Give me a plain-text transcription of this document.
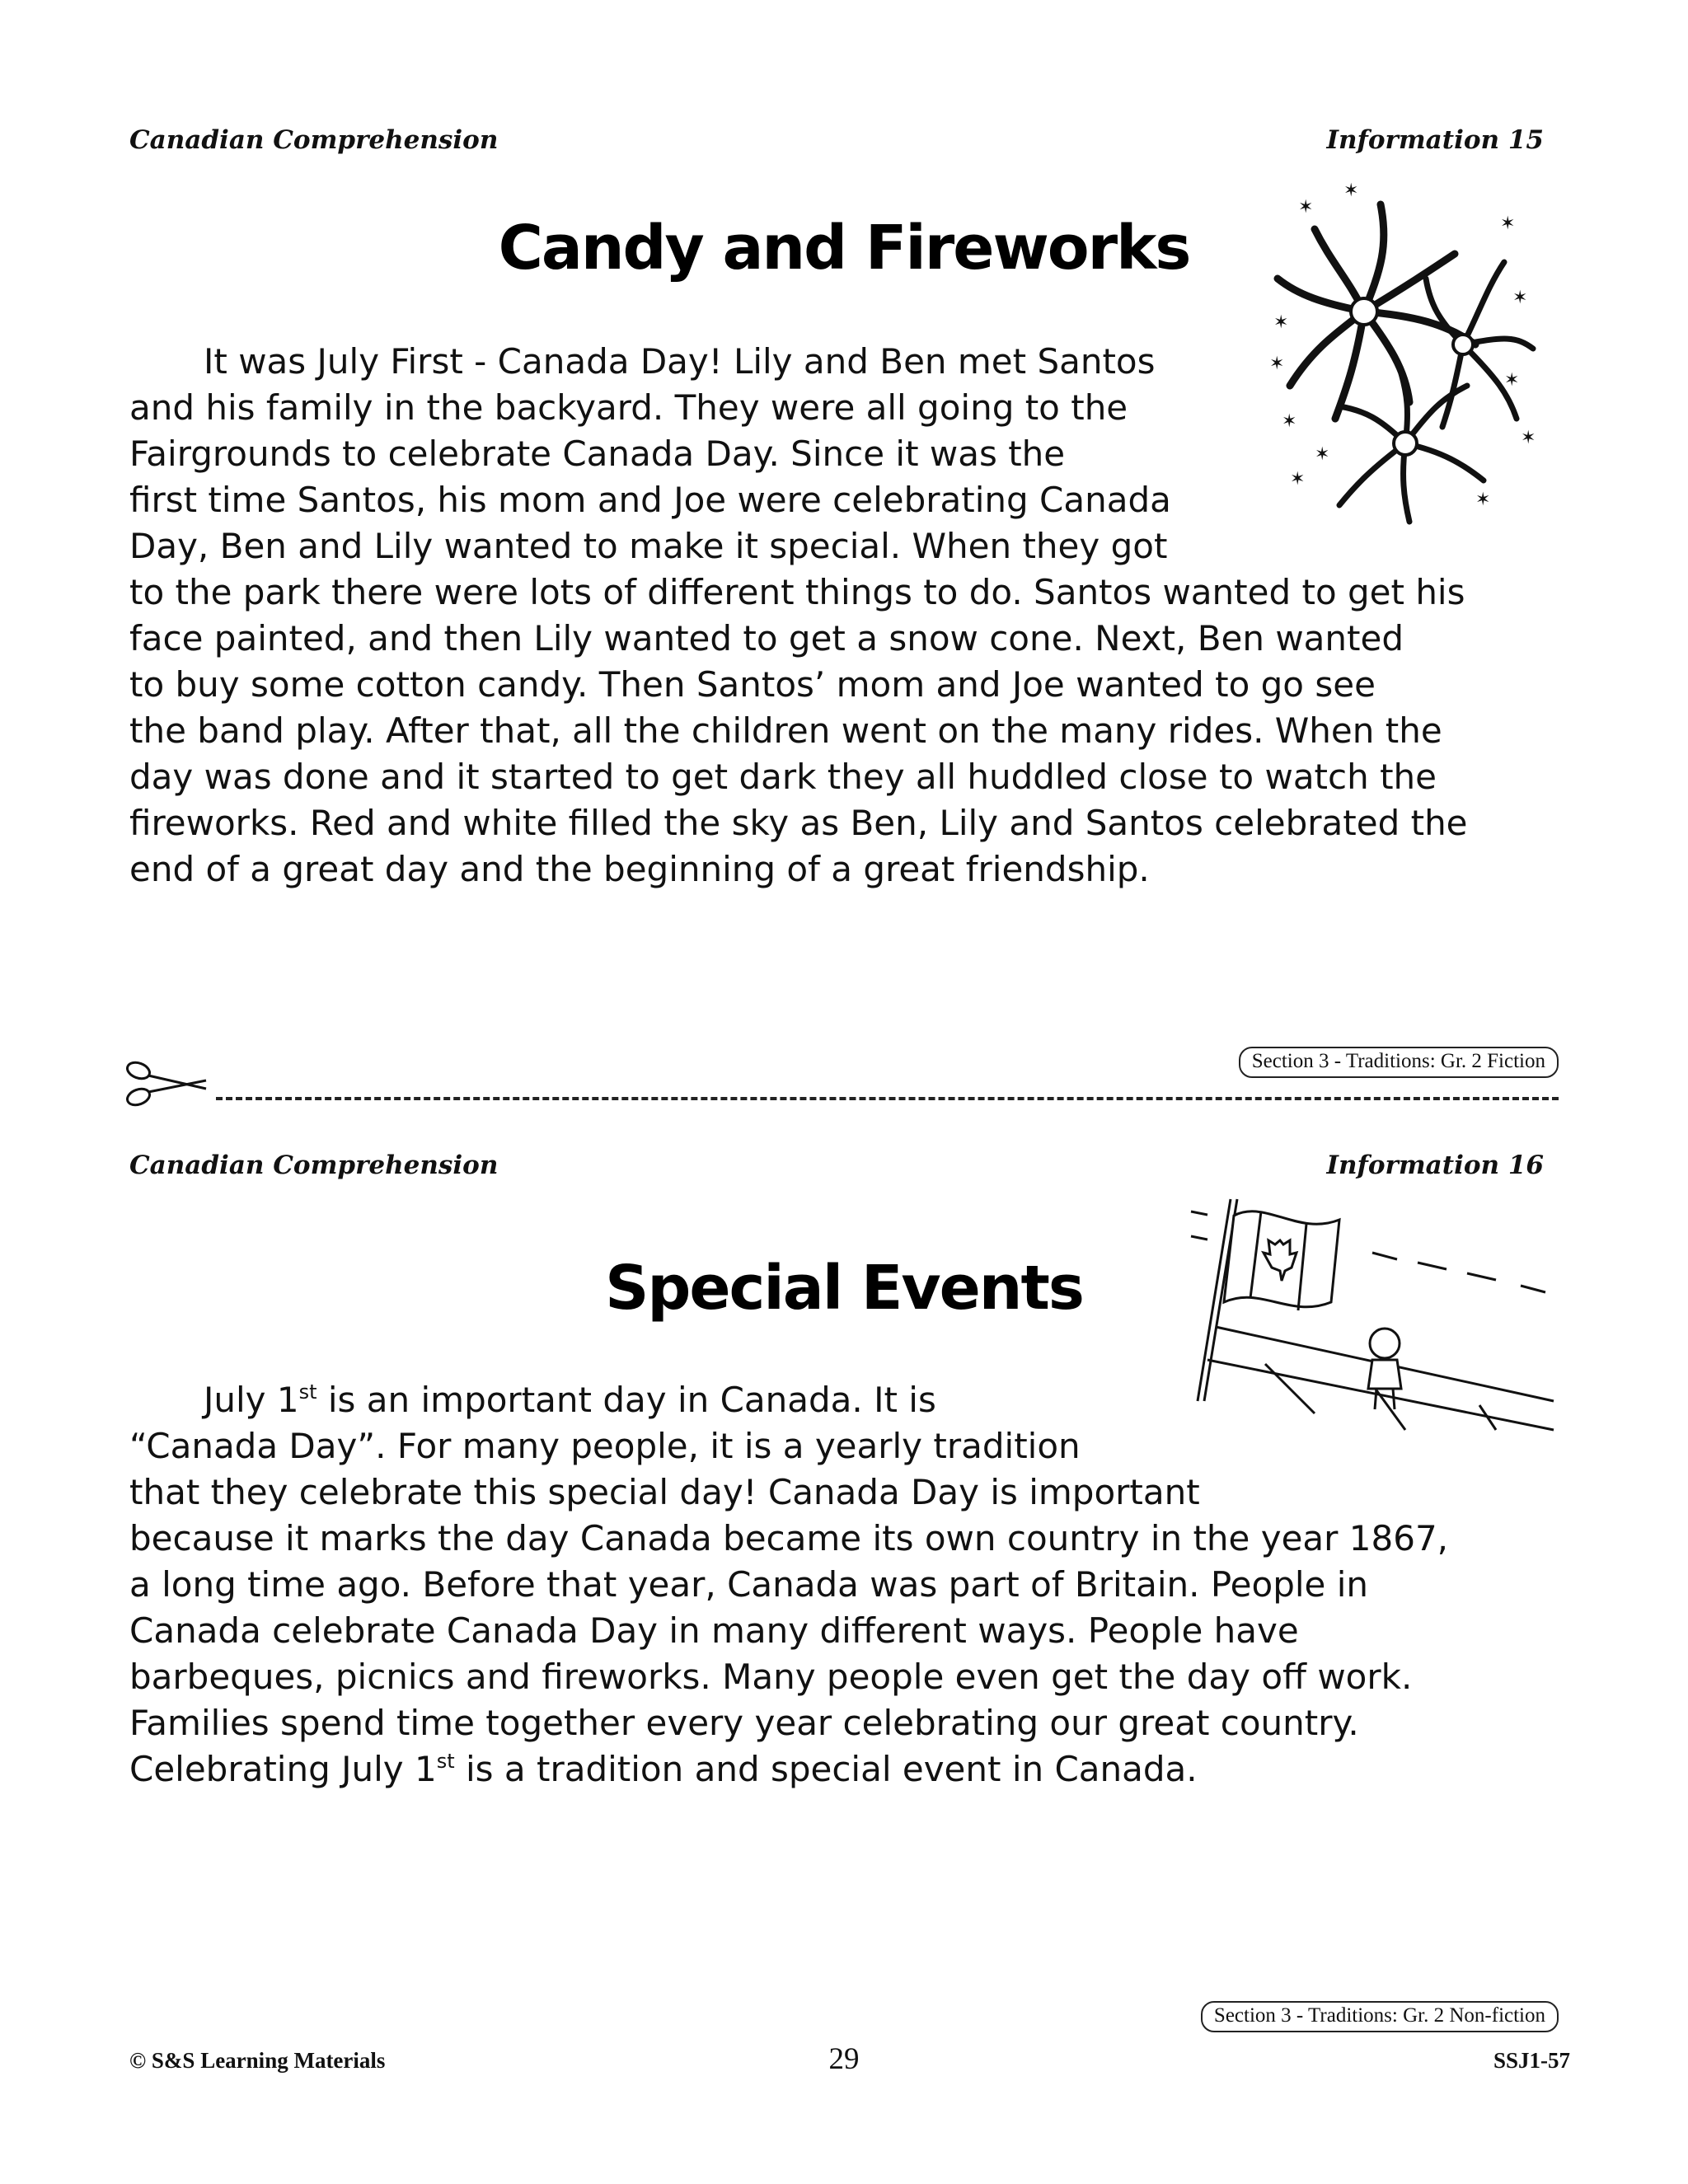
Canadian Comprehension	Information 15
Candy and Fireworks
✶
✶
✶
✶
✶
✶
✶
✶
✶
✶
✶
✶
It was July First - Canada Day! Lily and Ben met Santos
and his family in the backyard. They were all going to the
Fairgrounds to celebrate Canada Day. Since it was the
first time Santos, his mom and Joe were celebrating Canada
Day, Ben and Lily wanted to make it special. When they got
to the park there were lots of different things to do. Santos wanted to get his
face painted, and then Lily wanted to get a snow cone. Next, Ben wanted
to buy some cotton candy. Then Santos’ mom and Joe wanted to go see
the band play. After that, all the children went on the many rides. When the
day was done and it started to get dark they all huddled close to watch the
fireworks. Red and white filled the sky as Ben, Lily and Santos celebrated the
end of a great day and the beginning of a great friendship.
Section 3 - Traditions: Gr. 2 Fiction
Canadian Comprehension	Information 16
Special Events
July 1st is an important day in Canada. It is
“Canada Day”. For many people, it is a yearly tradition
that they celebrate this special day! Canada Day is important
because it marks the day Canada became its own country in the year 1867,
a long time ago. Before that year, Canada was part of Britain. People in
Canada celebrate Canada Day in many different ways. People have
barbeques, picnics and fireworks. Many people even get the day off work.
Families spend time together every year celebrating our great country.
Celebrating July 1st is a tradition and special event in Canada.
Section 3 - Traditions: Gr. 2 Non-fiction
© S&S Learning Materials	29	SSJ1-57
